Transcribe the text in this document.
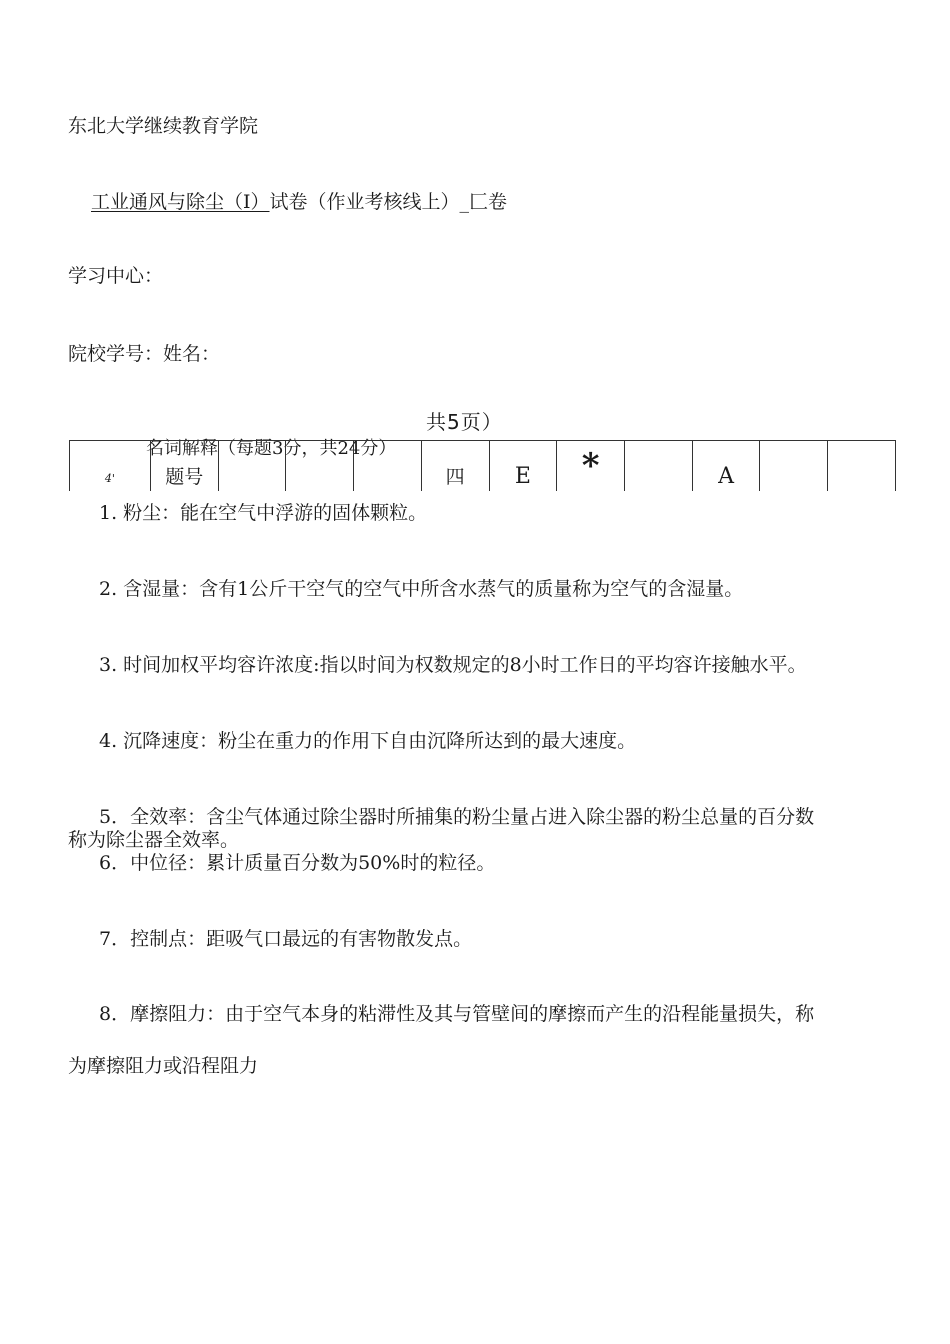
东北大学继续教育学院
工业通风与除尘（I）试卷（作业考核线上）_匚卷
学习中心：
院校学号：姓名：
共5页）
名词解释（每题3分，共24分）
4'	题号				四	E	*		A

1. 粉尘：能在空气中浮游的固体颗粒。
2. 含湿量：含有1公斤干空气的空气中所含水蒸气的质量称为空气的含湿量。
3. 时间加权平均容许浓度:指以时间为权数规定的8小时工作日的平均容许接触水平。
4. 沉降速度：粉尘在重力的作用下自由沉降所达到的最大速度。
5．全效率：含尘气体通过除尘器时所捕集的粉尘量占进入除尘器的粉尘总量的百分数
称为除尘器全效率。
6．中位径：累计质量百分数为50%时的粒径。
7．控制点：距吸气口最远的有害物散发点。
8．摩擦阻力：由于空气本身的粘滞性及其与管壁间的摩擦而产生的沿程能量损失，称
为摩擦阻力或沿程阻力
